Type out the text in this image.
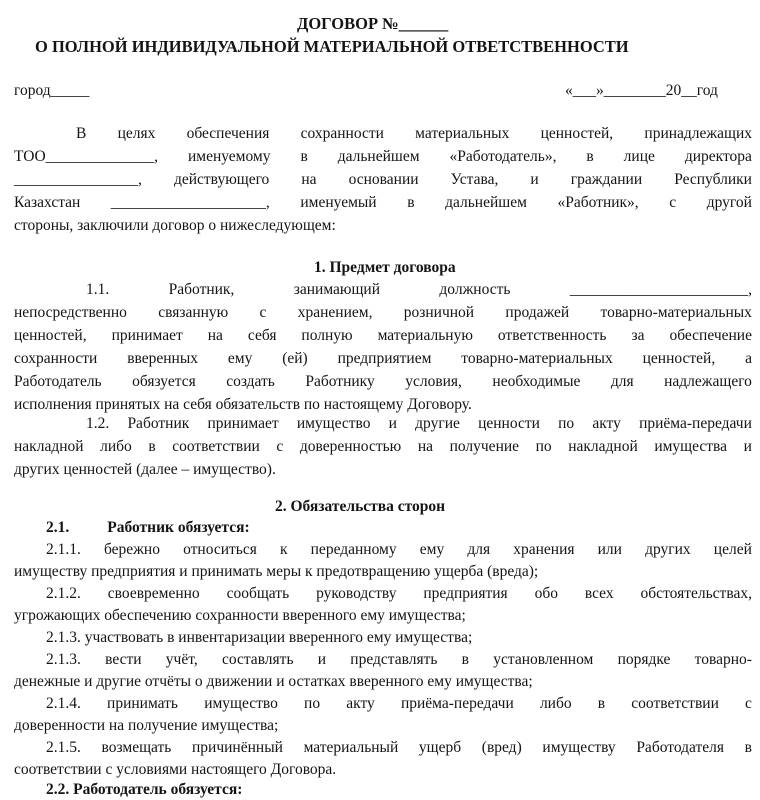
ДОГОВОР №______
О ПОЛНОЙ ИНДИВИДУАЛЬНОЙ МАТЕРИАЛЬНОЙ ОТВЕТСТВЕННОСТИ
город_____	«___»________20__год
В целях обеспечения сохранности материальных ценностей, принадлежащих
ТОО______________, именуемому в дальнейшем «Работодатель», в лице директора
________________, действующего на основании Устава, и граждании Республики
Казахстан ____________________, именуемый в дальнейшем «Работник», с другой
стороны, заключили договор о нижеследующем:
1. Предмет договора
1.1.	Работник,	занимающий	должность	_______________________,
непосредственно связанную с хранением, розничной продажей товарно-материальных
ценностей, принимает на себя полную материальную ответственность за обеспечение
сохранности вверенных ему (ей) предприятием товарно-материальных ценностей, а
Работодатель обязуется создать Работнику условия, необходимые для надлежащего
исполнения принятых на себя обязательств по настоящему Договору.
1.2. Работник принимает имущество и другие ценности по акту приёма-передачи
накладной либо в соответствии с доверенностью на получение по накладной имущества и
других ценностей (далее – имущество).
2. Обязательства сторон
2.1. Работник обязуется:
2.1.1. бережно относиться к переданному ему для хранения или других целей
имуществу предприятия и принимать меры к предотвращению ущерба (вреда);
2.1.2. своевременно сообщать руководству предприятия обо всех обстоятельствах,
угрожающих обеспечению сохранности вверенного ему имущества;
2.1.3. участвовать в инвентаризации вверенного ему имущества;
2.1.3. вести учёт, составлять и представлять в установленном порядке товарно-
денежные и другие отчёты о движении и остатках вверенного ему имущества;
2.1.4. принимать имущество по акту приёма-передачи либо в соответствии с
доверенности на получение имущества;
2.1.5. возмещать причинённый материальный ущерб (вред) имуществу Работодателя в
соответствии с условиями настоящего Договора.
2.2. Работодатель обязуется:
